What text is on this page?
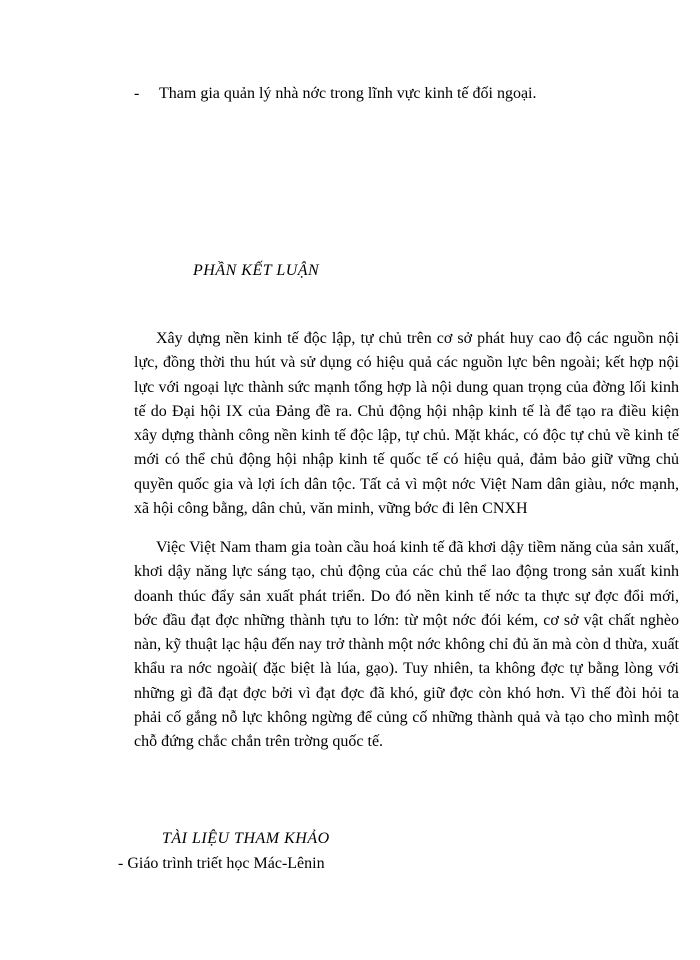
- Tham gia quản lý nhà nớc trong lĩnh vực kinh tế đối ngoại.
PHẦN KẾT LUẬN

Xây dựng nền kinh tế độc lập, tự chủ trên cơ sở phát huy cao độ các nguồn nội lực, đồng thời thu hút và sử dụng có hiệu quả các nguồn lực bên ngoài; kết hợp nội lực với ngoại lực thành sức mạnh tổng hợp là nội dung quan trọng của đờng lối kinh tế do Đại hội IX của Đảng đề ra. Chủ động hội nhập kinh tế là để tạo ra điều kiện xây dựng thành công nền kinh tế độc lập, tự chủ. Mặt khác, có độc tự chủ về kinh tế mới có thể chủ động hội nhập kinh tế quốc tế có hiệu quả, đảm bảo giữ vững chủ quyền quốc gia và lợi ích dân tộc. Tất cả vì một nớc Việt Nam dân giàu, nớc mạnh, xã hội công bằng, dân chủ, văn minh, vững bớc đi lên CNXH

Việc Việt Nam tham gia toàn cầu hoá kinh tế đã khơi dậy tiềm năng của sản xuất, khơi dậy năng lực sáng tạo, chủ động của các chủ thể lao động trong sản xuất kinh doanh thúc đẩy sản xuất phát triển. Do đó nền kinh tế nớc ta thực sự đợc đổi mới, bớc đầu đạt đợc những thành tựu to lớn: từ một nớc đói kém, cơ sở vật chất nghèo nàn, kỹ thuật lạc hậu đến nay trở thành một nớc không chỉ đủ ăn mà còn d thừa, xuất khẩu ra nớc ngoài( đặc biệt là lúa, gạo). Tuy nhiên, ta không đợc tự bằng lòng với những gì đã đạt đợc bởi vì đạt đợc đã khó, giữ đợc còn khó hơn. Vì thế đòi hỏi ta phải cố gắng nỗ lực không ngừng để củng cố những thành quả và tạo cho mình một chỗ đứng chắc chắn trên trờng quốc tế.

TÀI LIỆU THAM KHẢO
- Giáo trình triết học Mác-Lênin
